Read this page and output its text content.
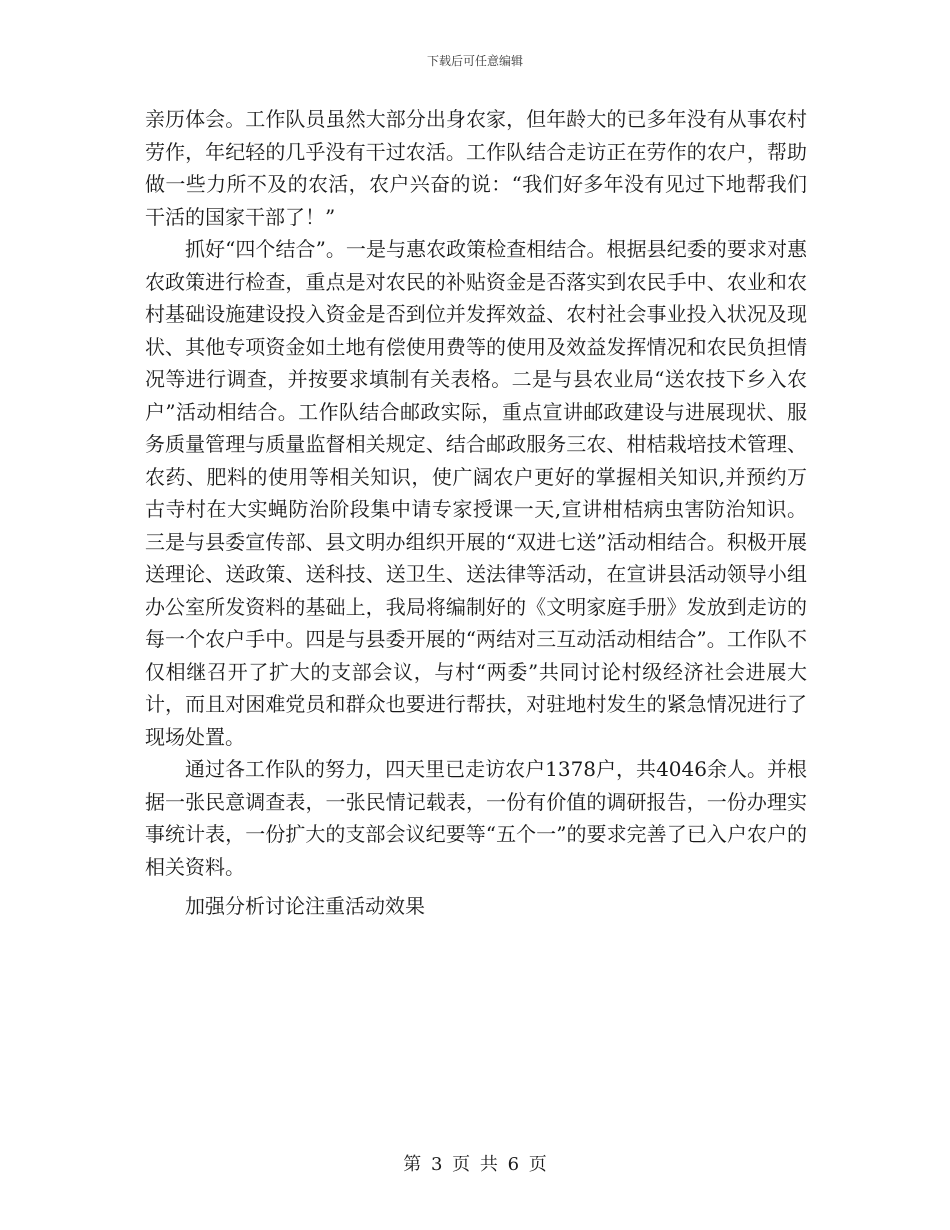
下载后可任意编辑

亲历体会。工作队员虽然大部分出身农家，但年龄大的已多年没有从事农村劳作，年纪轻的几乎没有干过农活。工作队结合走访正在劳作的农户，帮助做一些力所不及的农活，农户兴奋的说：“我们好多年没有见过下地帮我们干活的国家干部了！”

抓好“四个结合”。一是与惠农政策检查相结合。根据县纪委的要求对惠农政策进行检查，重点是对农民的补贴资金是否落实到农民手中、农业和农村基础设施建设投入资金是否到位并发挥效益、农村社会事业投入状况及现状、其他专项资金如土地有偿使用费等的使用及效益发挥情况和农民负担情况等进行调查，并按要求填制有关表格。二是与县农业局“送农技下乡入农户”活动相结合。工作队结合邮政实际，重点宣讲邮政建设与进展现状、服务质量管理与质量监督相关规定、结合邮政服务三农、柑桔栽培技术管理、农药、肥料的使用等相关知识，使广阔农户更好的掌握相关知识,并预约万古寺村在大实蝇防治阶段集中请专家授课一天,宣讲柑桔病虫害防治知识。三是与县委宣传部、县文明办组织开展的“双进七送”活动相结合。积极开展送理论、送政策、送科技、送卫生、送法律等活动，在宣讲县活动领导小组办公室所发资料的基础上，我局将编制好的《文明家庭手册》发放到走访的每一个农户手中。四是与县委开展的“两结对三互动活动相结合”。工作队不仅相继召开了扩大的支部会议，与村“两委”共同讨论村级经济社会进展大计，而且对困难党员和群众也要进行帮扶，对驻地村发生的紧急情况进行了现场处置。

通过各工作队的努力，四天里已走访农户1378户，共4046余人。并根据一张民意调查表，一张民情记载表，一份有价值的调研报告，一份办理实事统计表，一份扩大的支部会议纪要等“五个一”的要求完善了已入户农户的相关资料。

加强分析讨论注重活动效果

第 3 页 共 6 页
